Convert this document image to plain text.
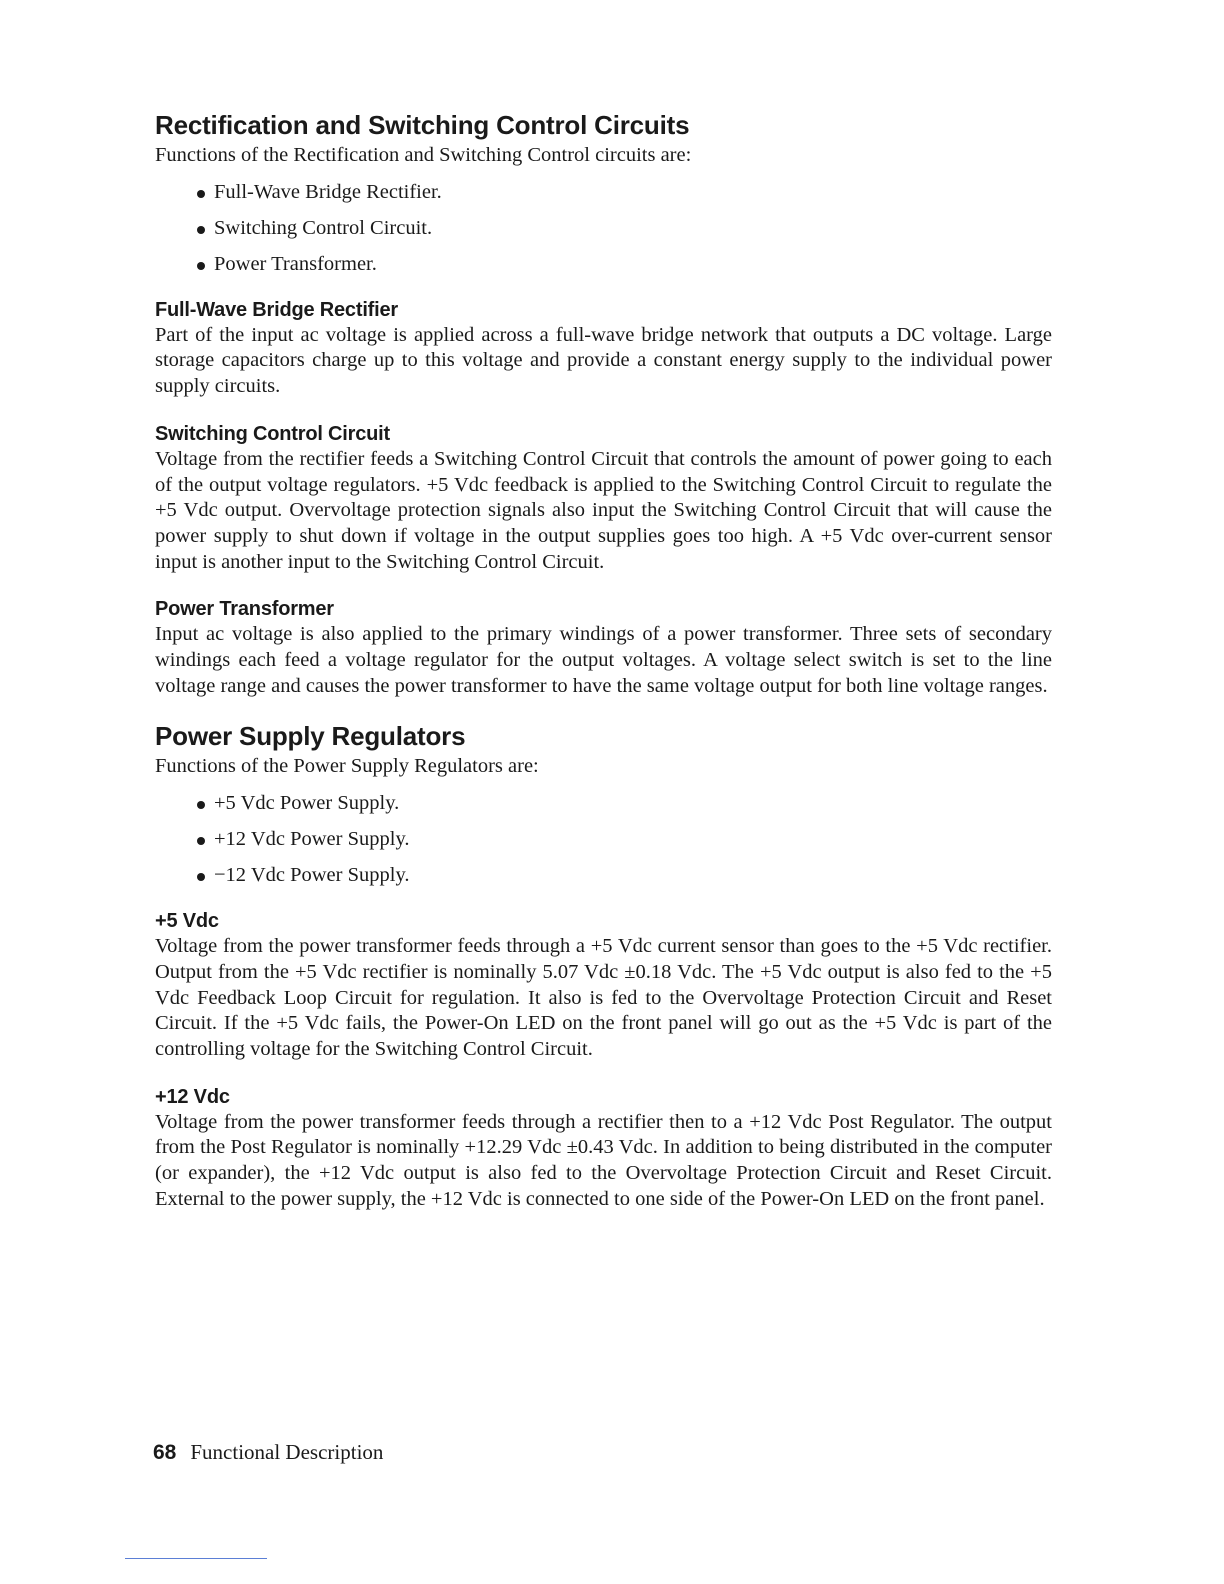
Rectification and Switching Control Circuits

Functions of the Rectification and Switching Control circuits are:

Full-Wave Bridge Rectifier.
Switching Control Circuit.
Power Transformer.
Full-Wave Bridge Rectifier

Part of the input ac voltage is applied across a full-wave bridge network that outputs a DC voltage. Large storage capacitors charge up to this voltage and provide a constant energy supply to the individual power supply circuits.

Switching Control Circuit

Voltage from the rectifier feeds a Switching Control Circuit that controls the amount of power going to each of the output voltage regulators. +5 Vdc feedback is applied to the Switching Control Circuit to regulate the +5 Vdc output. Overvoltage protection signals also input the Switching Control Circuit that will cause the power supply to shut down if voltage in the output supplies goes too high. A +5 Vdc over-current sensor input is another input to the Switching Control Circuit.

Power Transformer

Input ac voltage is also applied to the primary windings of a power transformer. Three sets of secondary windings each feed a voltage regulator for the output voltages. A voltage select switch is set to the line voltage range and causes the power transformer to have the same voltage output for both line voltage ranges.

Power Supply Regulators

Functions of the Power Supply Regulators are:

+5 Vdc Power Supply.
+12 Vdc Power Supply.
−12 Vdc Power Supply.
+5 Vdc

Voltage from the power transformer feeds through a +5 Vdc current sensor than goes to the +5 Vdc rectifier. Output from the +5 Vdc rectifier is nominally 5.07 Vdc ±0.18 Vdc. The +5 Vdc output is also fed to the +5 Vdc Feedback Loop Circuit for regulation. It also is fed to the Overvoltage Protection Circuit and Reset Circuit. If the +5 Vdc fails, the Power-On LED on the front panel will go out as the +5 Vdc is part of the controlling voltage for the Switching Control Circuit.

+12 Vdc

Voltage from the power transformer feeds through a rectifier then to a +12 Vdc Post Regulator. The output from the Post Regulator is nominally +12.29 Vdc ±0.43 Vdc. In addition to being distributed in the computer (or expander), the +12 Vdc output is also fed to the Overvoltage Protection Circuit and Reset Circuit. External to the power supply, the +12 Vdc is connected to one side of the Power-On LED on the front panel.

68 Functional Description
